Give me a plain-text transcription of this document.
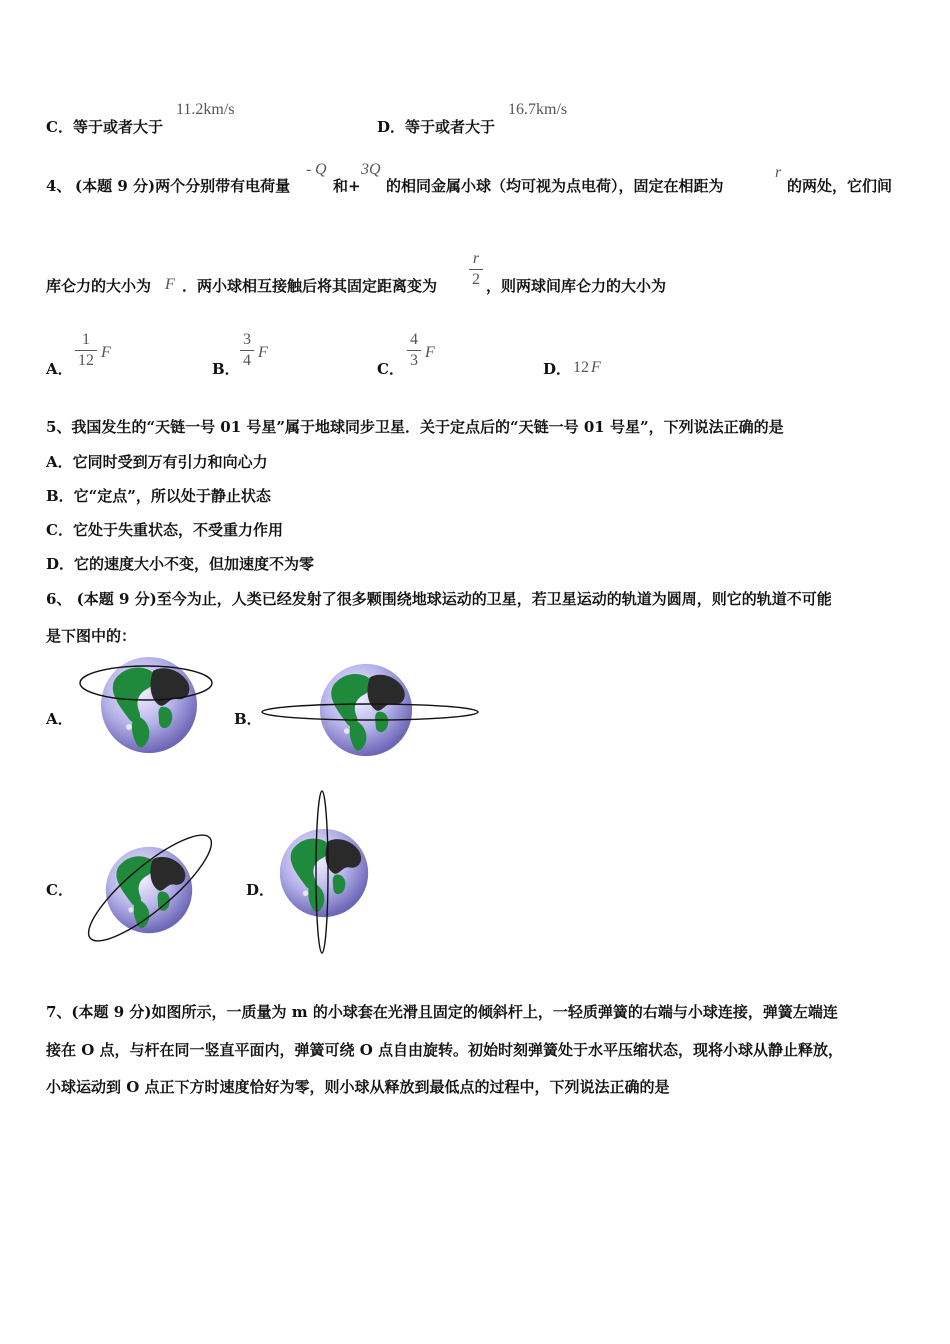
C．等于或者大于
11.2km/s
D．等于或者大于
16.7km/s
4、 (本题 9 分)两个分别带有电荷量
- Q
和+
3Q
的相同金属小球（均可视为点电荷），固定在相距为
r
的两处，它们间
库仑力的大小为 F ．两小球相互接触后将其固定距离变为
r
2 ，则两球间库仑力的大小为
A．
1
12 F
B．
3
4 F
C．
4
3 F
D． 12 F
5、我国发生的“天链一号 01 号星”属于地球同步卫星．关于定点后的“天链一号 01 号星”，下列说法正确的是
A．它同时受到万有引力和向心力
B．它“定点”，所以处于静止状态
C．它处于失重状态，不受重力作用
D．它的速度大小不变，但加速度不为零
6、 (本题 9 分)至今为止，人类已经发射了很多颗围绕地球运动的卫星，若卫星运动的轨道为圆周，则它的轨道不可能
是下图中的：
A．	B．
C．	D．
7、(本题 9 分)如图所示，一质量为 m 的小球套在光滑且固定的倾斜杆上，一轻质弹簧的右端与小球连接，弹簧左端连
接在 O 点，与杆在同一竖直平面内，弹簧可绕 O 点自由旋转。初始时刻弹簧处于水平压缩状态，现将小球从静止释放，
小球运动到 O 点正下方时速度恰好为零，则小球从释放到最低点的过程中，下列说法正确的是
